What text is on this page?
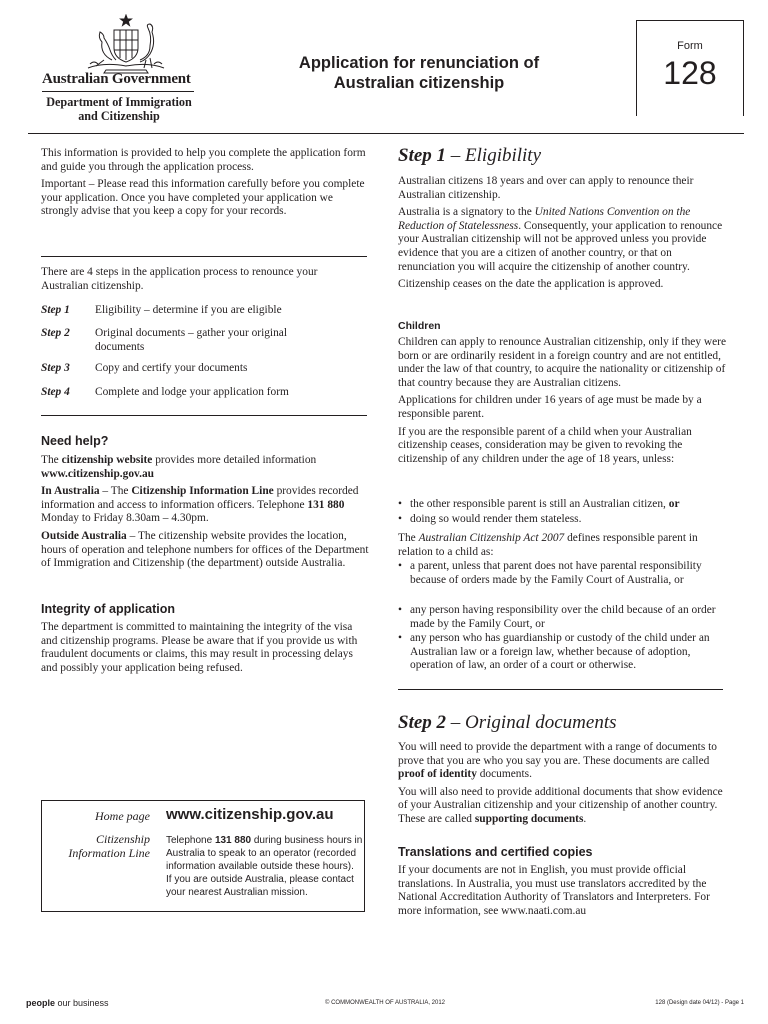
Australian Government
Department of Immigration
and Citizenship
Application for renunciation of
Australian citizenship
Form
128

This information is provided to help you complete the application form and guide you through the application process.

Important – Please read this information carefully before you complete your application. Once you have completed your application we strongly advise that you keep a copy for your records.

There are 4 steps in the application process to renounce your Australian citizenship.
Step 1 Eligibility – determine if you are eligible
Step 2 Original documents – gather your original documents
Step 3 Copy and certify your documents
Step 4 Complete and lodge your application form
Need help?

The citizenship website provides more detailed information www.citizenship.gov.au

In Australia – The Citizenship Information Line provides recorded information and access to information officers. Telephone 131 880 Monday to Friday 8.30am – 4.30pm.

Outside Australia – The citizenship website provides the location, hours of operation and telephone numbers for offices of the Department of Immigration and Citizenship (the department) outside Australia.

Integrity of application
The department is committed to maintaining the integrity of the visa and citizenship programs. Please be aware that if you provide us with fraudulent documents or claims, this may result in processing delays and possibly your application being refused.
Home page www.citizenship.gov.au
Citizenship
Information Line

Telephone 131 880 during business hours in Australia to speak to an operator (recorded information available outside these hours).

If you are outside Australia, please contact your nearest Australian mission.

Step 1 – Eligibility

Australian citizens 18 years and over can apply to renounce their Australian citizenship.

Australia is a signatory to the United Nations Convention on the Reduction of Statelessness. Consequently, your application to renounce your Australian citizenship will not be approved unless you provide evidence that you are a citizen of another country, or that on renunciation you will acquire the citizenship of another country.

Citizenship ceases on the date the application is approved.

Children

Children can apply to renounce Australian citizenship, only if they were born or are ordinarily resident in a foreign country and are not entitled, under the law of that country, to acquire the nationality or citizenship of that country because they are Australian citizens.

Applications for children under 16 years of age must be made by a responsible parent.

If you are the responsible parent of a child when your Australian citizenship ceases, consideration may be given to revoking the citizenship of any children under the age of 18 years, unless:

• the other responsible parent is still an Australian citizen, or
• doing so would render them stateless.
The Australian Citizenship Act 2007 defines responsible parent in relation to a child as:
• a parent, unless that parent does not have parental responsibility because of orders made by the Family Court of Australia, or
• any person having responsibility over the child because of an order made by the Family Court, or
• any person who has guardianship or custody of the child under an Australian law or a foreign law, whether because of adoption, operation of law, an order of a court or otherwise.
Step 2 – Original documents

You will need to provide the department with a range of documents to prove that you are who you say you are. These documents are called proof of identity documents.

You will also need to provide additional documents that show evidence of your Australian citizenship and your citizenship of another country. These are called supporting documents.

Translations and certified copies
If your documents are not in English, you must provide official translations. In Australia, you must use translators accredited by the National Accreditation Authority of Translators and Interpreters. For more information, see www.naati.com.au
people our business	© COMMONWEALTH OF AUSTRALIA, 2012	128 (Design date 04/12) - Page 1
